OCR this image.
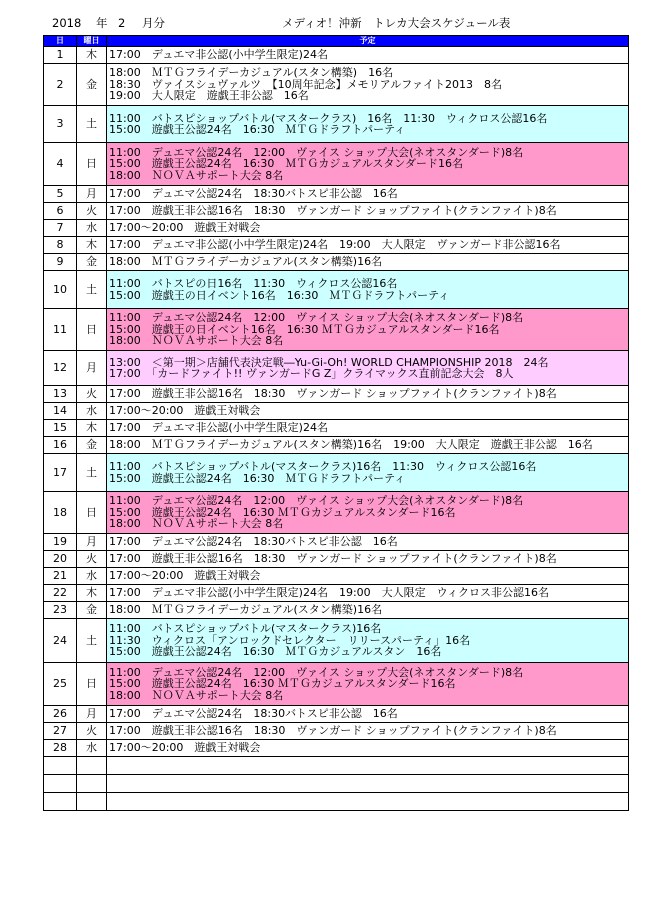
2018 年 2 月分	メディオ！沖新　トレカ大会スケジュール表
日	曜日	予定
1	木	17:00　デュエマ非公認(小中学生限定)24名

2	金	18:00　ＭＴＧフライデーカジュアル(スタン構築)　16名
18:30　ヴァイスシュヴァルツ　【10周年記念】メモリアルファイト2013　8名
19:00　大人限定　遊戯王非公認　16名

3	土	11:00　バトスピショップバトル(マスタークラス)　16名　11:30　ウィクロス公認16名
15:00　遊戯王公認24名　16:30　ＭＴＧドラフトパーティ

4	日	11:00　デュエマ公認24名　12:00　ヴァイス ショップ大会(ネオスタンダード)8名
15:00　遊戯王公認24名　16:30　ＭＴＧカジュアルスタンダード16名
18:00　ＮＯＶＡサポート大会 8名

5	月	17:00　デュエマ公認24名　18:30バトスピ非公認　16名

6	火	17:00　遊戯王非公認16名　18:30　ヴァンガード ショップファイト(クランファイト)8名

7	水	17:00～20:00　遊戯王対戦会

8	木	17:00　デュエマ非公認(小中学生限定)24名　19:00　大人限定　ヴァンガード非公認16名

9	金	18:00　ＭＴＧフライデーカジュアル(スタン構築)16名

10	土	11:00　バトスピの日16名　11:30　ウィクロス公認16名
15:00　遊戯王の日イベント16名　16:30　ＭＴＧドラフトパーティ

11	日	11:00　デュエマ公認24名　12:00　ヴァイス ショップ大会(ネオスタンダード)8名
15:00　遊戯王の日イベント16名　16:30 ＭＴＧカジュアルスタンダード16名
18:00　ＮＯＶＡサポート大会 8名

12	月	13:00　＜第一期＞店舗代表決定戦―Yu-Gi-Oh! WORLD CHAMPIONSHIP 2018　24名
17:00　「カードファイト!! ヴァンガードG Z」クライマックス直前記念大会　8人

13	火	17:00　遊戯王非公認16名　18:30　ヴァンガード ショップファイト(クランファイト)8名

14	水	17:00～20:00　遊戯王対戦会

15	木	17:00　デュエマ非公認(小中学生限定)24名

16	金	18:00　ＭＴＧフライデーカジュアル(スタン構築)16名　19:00　大人限定　遊戯王非公認　16名

17	土	11:00　バトスピショップバトル(マスタークラス)16名　11:30　ウィクロス公認16名
15:00　遊戯王公認24名　16:30　ＭＴＧドラフトパーティ

18	日	11:00　デュエマ公認24名　12:00　ヴァイス ショップ大会(ネオスタンダード)8名
15:00　遊戯王公認24名　16:30 ＭＴＧカジュアルスタンダード16名
18:00　ＮＯＶＡサポート大会 8名

19	月	17:00　デュエマ公認24名　18:30バトスピ非公認　16名

20	火	17:00　遊戯王非公認16名　18:30　ヴァンガード ショップファイト(クランファイト)8名

21	水	17:00～20:00　遊戯王対戦会

22	木	17:00　デュエマ非公認(小中学生限定)24名　19:00　大人限定　ウィクロス非公認16名

23	金	18:00　ＭＴＧフライデーカジュアル(スタン構築)16名

24	土	11:00　バトスピショップバトル(マスタークラス)16名
11:30　ウィクロス「アンロックドセレクター　リリースパーティ」16名
15:00　遊戯王公認24名　16:30　ＭＴＧカジュアルスタン　16名

25	日	11:00　デュエマ公認24名　12:00　ヴァイス ショップ大会(ネオスタンダード)8名
15:00　遊戯王公認24名　16:30 ＭＴＧカジュアルスタンダード16名
18:00　ＮＯＶＡサポート大会 8名

26	月	17:00　デュエマ公認24名　18:30バトスピ非公認　16名

27	火	17:00　遊戯王非公認16名　18:30　ヴァンガード ショップファイト(クランファイト)8名

28	水	17:00～20:00　遊戯王対戦会
